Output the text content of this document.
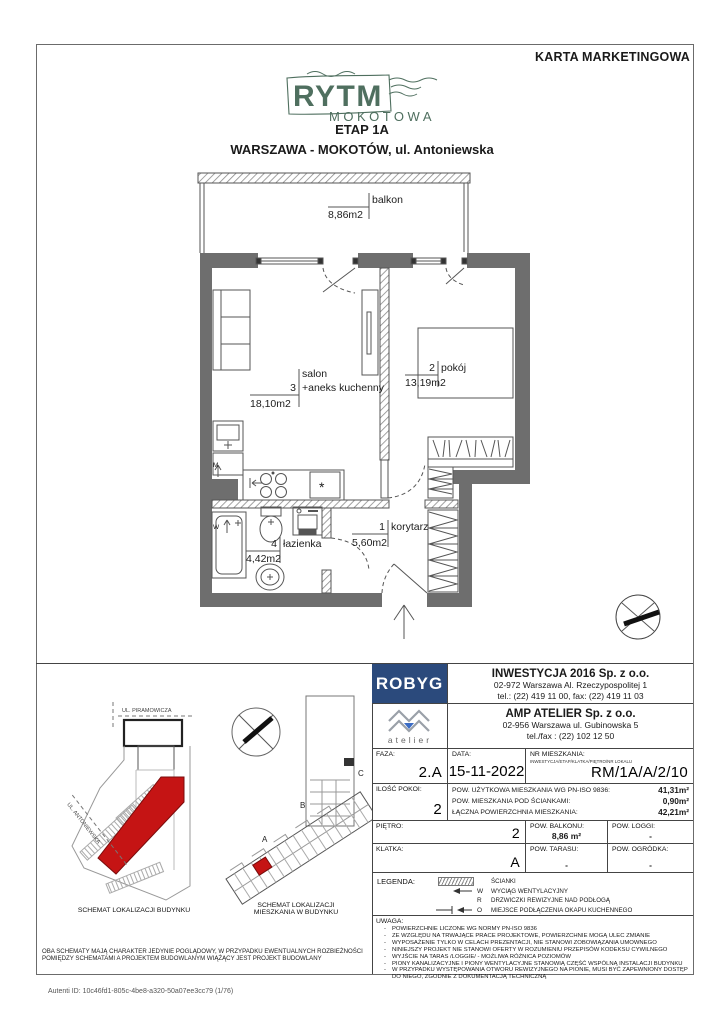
KARTA MARKETINGOWA
RYTM
MOKOTOWA
ETAP 1A
WARSZAWA - MOKOTÓW, ul. Antoniewska
balkon
8,86m2
salon
3 +aneks kuchenny
18,10m2
2 pokój
13,19m2
1 korytarz
5,60m2
4 łazienka
4,42m2
M
W
*
UL. PIRAMOWICZA
UL. ANTONIEWSKA	A
B
C
SCHEMAT LOKALIZACJI BUDYNKU
SCHEMAT LOKALIZACJI
MIESZKANIA W BUDYNKU
OBA SCHEMATY MAJĄ CHARAKTER JEDYNIE POGLĄDOWY, W PRZYPADKU EWENTUALNYCH ROZBIEŻNOŚCI POMIĘDZY SCHEMATAMI A PROJEKTEM BUDOWLANYM WIĄŻĄCY JEST PROJEKT BUDOWLANY
ROBYG	INWESTYCJA 2016 Sp. z o.o.
02-972 Warszawa Al. Rzeczypospolitej 1
tel.: (22) 419 11 00, fax: (22) 419 11 03
atelier
AMP ATELIER Sp. z o.o.
02-956 Warszawa ul. Gubinowska 5
tel./fax : (22) 102 12 50
FAZA:
2.A
DATA:
15-11-2022
NR MIESZKANIA:
INWESTYCJA/ETAP/KLATKA/PIĘTRO/NR LOKALU
RM/1A/A/2/10
ILOŚĆ POKOI:
2
POW. UŻYTKOWA MIESZKANIA WG PN-ISO 9836:	41,31m²
POW. MIESZKANIA POD ŚCIANKAMI:	0,90m²
ŁĄCZNA POWIERZCHNIA MIESZKANIA:	42,21m²
PIĘTRO:	2 POW. BALKONU:
8,86 m²
POW. LOGGI:
-
KLATKA:
A
POW. TARASU:
-
POW. OGRÓDKA:
-
LEGENDA:	ŚCIANKI
W	WYCIĄG WENTYLACYJNY
R	DRZWICZKI REWIZYJNE NAD PODŁOGĄ
O	MIEJSCE PODŁĄCZENIA OKAPU KUCHENNEGO
UWAGA:
- POWIERZCHNIE LICZONE WG NORMY PN-ISO 9836
- ZE WZGLĘDU NA TRWAJĄCE PRACE PROJEKTOWE, POWIERZCHNIE MOGĄ ULEC ZMIANIE
- WYPOSAŻENIE TYLKO W CELACH PREZENTACJI, NIE STANOWI ZOBOWIĄZANIA UMOWNEGO
- NINIEJSZY PROJEKT NIE STANOWI OFERTY W ROZUMIENIU PRZEPISÓW KODEKSU CYWILNEGO
- WYJŚCIE NA TARAS /LOGGIE/ - MOŻLIWA RÓŻNICA POZIOMÓW
- PIONY KANALIZACYJNE I PIONY WENTYLACYJNE STANOWIĄ CZĘŚĆ WSPÓLNĄ INSTALACJI BUDYNKU
- W PRZYPADKU WYSTĘPOWANIA OTWORU REWIZYJNEGO NA PIONIE, MUSI BYĆ ZAPEWNIONY DOSTĘP DO NIEGO, ZGODNIE Z DOKUMENTACJĄ TECHNICZNĄ
Autenti ID: 10c46fd1-805c-4be8-a320-50a07ee3cc79 (1/76)
